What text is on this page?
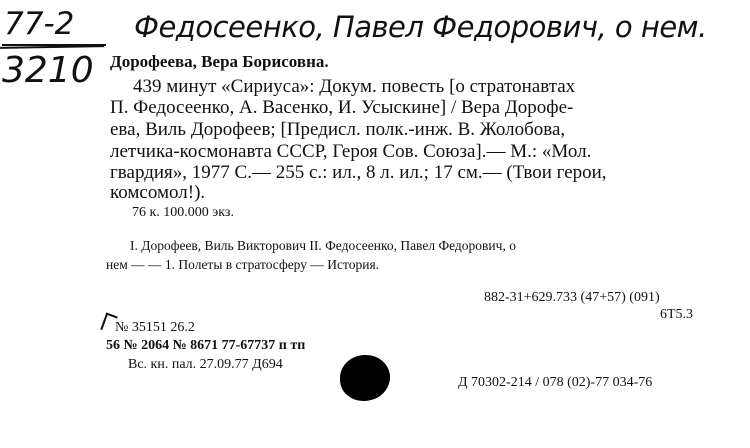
77-2
3210
Федосеенко, Павел Федорович, о нем.
Дорофеева, Вера Борисовна.
439 минут «Сириуса»: Докум. повесть [о стратонавтах
П. Федосеенко, А. Васенко, И. Усыскине] / Вера Дорофе-
ева, Виль Дорофеев; [Предисл. полк.-инж. В. Жолобова,
летчика-космонавта СССР, Героя Сов. Союза].— М.: «Мол.
гвардия», 1977 С.— 255 с.: ил., 8 л. ил.; 17 см.— (Твои герои,
комсомол!).
76 к. 100.000 экз.
I. Дорофеев, Виль Викторович II. Федосеенко, Павел Федорович, о
нем — — 1. Полеты в стратосферу — История.
882-31+629.733 (47+57) (091)
6Т5.3
№ 35151 26.2
56 № 2064 № 8671 77-67737 п тп
Вс. кн. пал. 27.09.77 Д694
Д 70302-214 / 078 (02)-77 034-76
